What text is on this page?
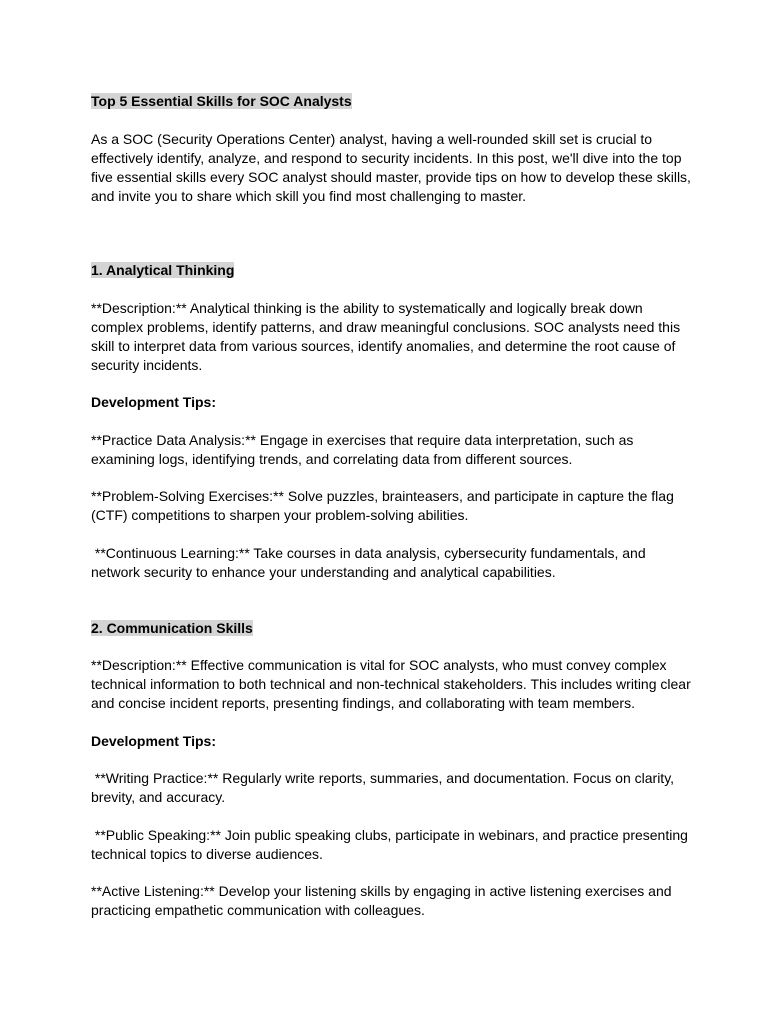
Top 5 Essential Skills for SOC Analysts

As a SOC (Security Operations Center) analyst, having a well-rounded skill set is crucial to effectively identify, analyze, and respond to security incidents. In this post, we'll dive into the top five essential skills every SOC analyst should master, provide tips on how to develop these skills, and invite you to share which skill you find most challenging to master.

1. Analytical Thinking

**Description:** Analytical thinking is the ability to systematically and logically break down complex problems, identify patterns, and draw meaningful conclusions. SOC analysts need this skill to interpret data from various sources, identify anomalies, and determine the root cause of security incidents.

Development Tips:

**Practice Data Analysis:** Engage in exercises that require data interpretation, such as examining logs, identifying trends, and correlating data from different sources.

**Problem-Solving Exercises:** Solve puzzles, brainteasers, and participate in capture the flag (CTF) competitions to sharpen your problem-solving abilities.

**Continuous Learning:** Take courses in data analysis, cybersecurity fundamentals, and network security to enhance your understanding and analytical capabilities.

2. Communication Skills

**Description:** Effective communication is vital for SOC analysts, who must convey complex technical information to both technical and non-technical stakeholders. This includes writing clear and concise incident reports, presenting findings, and collaborating with team members.

Development Tips:

**Writing Practice:** Regularly write reports, summaries, and documentation. Focus on clarity, brevity, and accuracy.

**Public Speaking:** Join public speaking clubs, participate in webinars, and practice presenting technical topics to diverse audiences.

**Active Listening:** Develop your listening skills by engaging in active listening exercises and practicing empathetic communication with colleagues.
